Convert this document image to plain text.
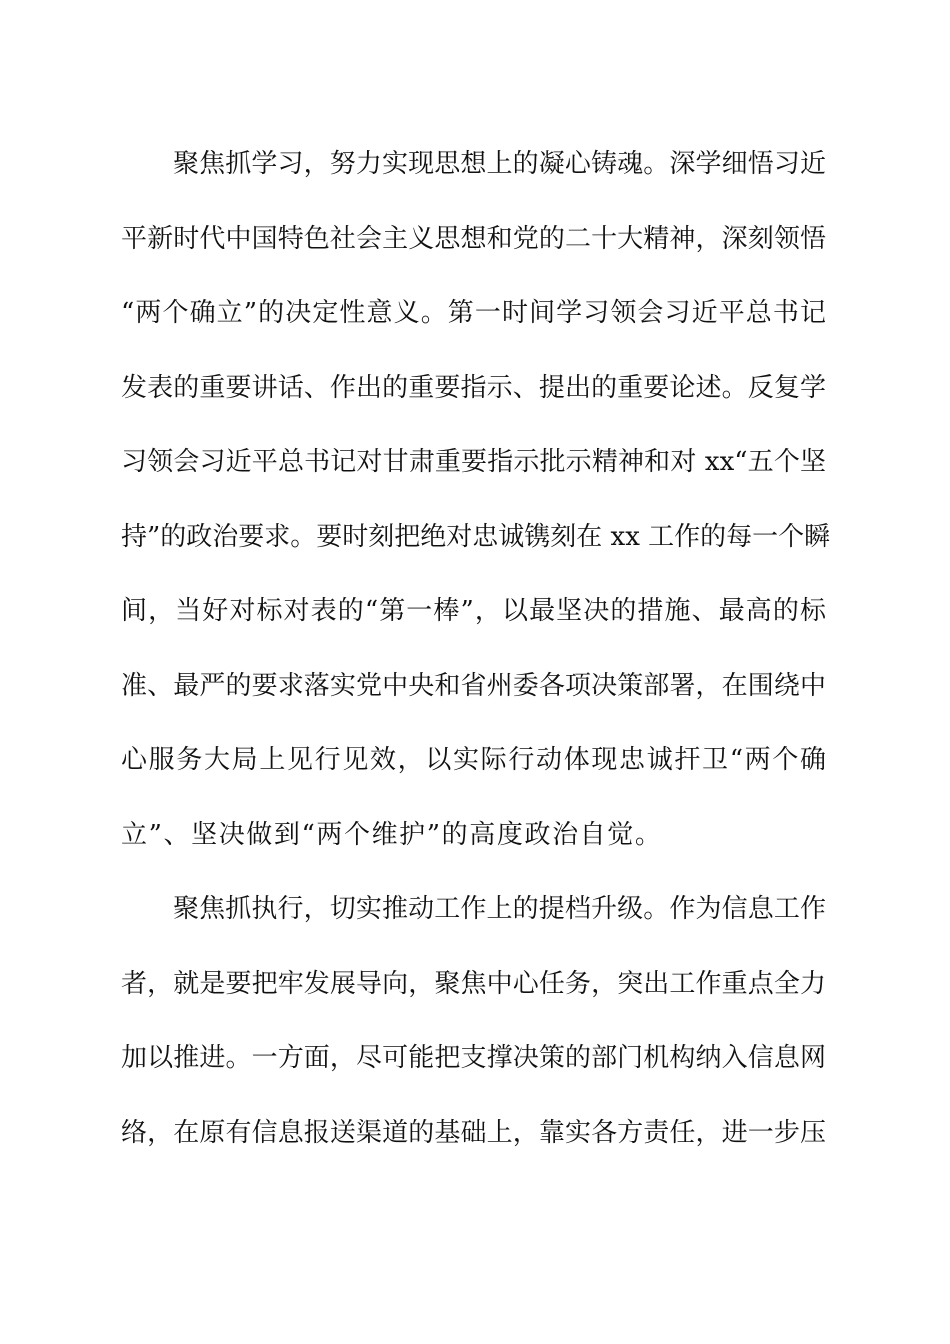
聚焦抓学习，努力实现思想上的凝心铸魂。深学细悟习近
平新时代中国特色社会主义思想和党的二十大精神，深刻领悟
“两个确立”的决定性意义。第一时间学习领会习近平总书记
发表的重要讲话、作出的重要指示、提出的重要论述。反复学
习领会习近平总书记对甘肃重要指示批示精神和对 xx“五个坚
持”的政治要求。要时刻把绝对忠诚镌刻在 xx 工作的每一个瞬
间，当好对标对表的“第一棒”，以最坚决的措施、最高的标
准、最严的要求落实党中央和省州委各项决策部署，在围绕中
心服务大局上见行见效，以实际行动体现忠诚扞卫“两个确
立”、坚决做到“两个维护”的高度政治自觉。
聚焦抓执行，切实推动工作上的提档升级。作为信息工作
者，就是要把牢发展导向，聚焦中心任务，突出工作重点全力
加以推进。一方面，尽可能把支撑决策的部门机构纳入信息网
络，在原有信息报送渠道的基础上，靠实各方责任，进一步压
